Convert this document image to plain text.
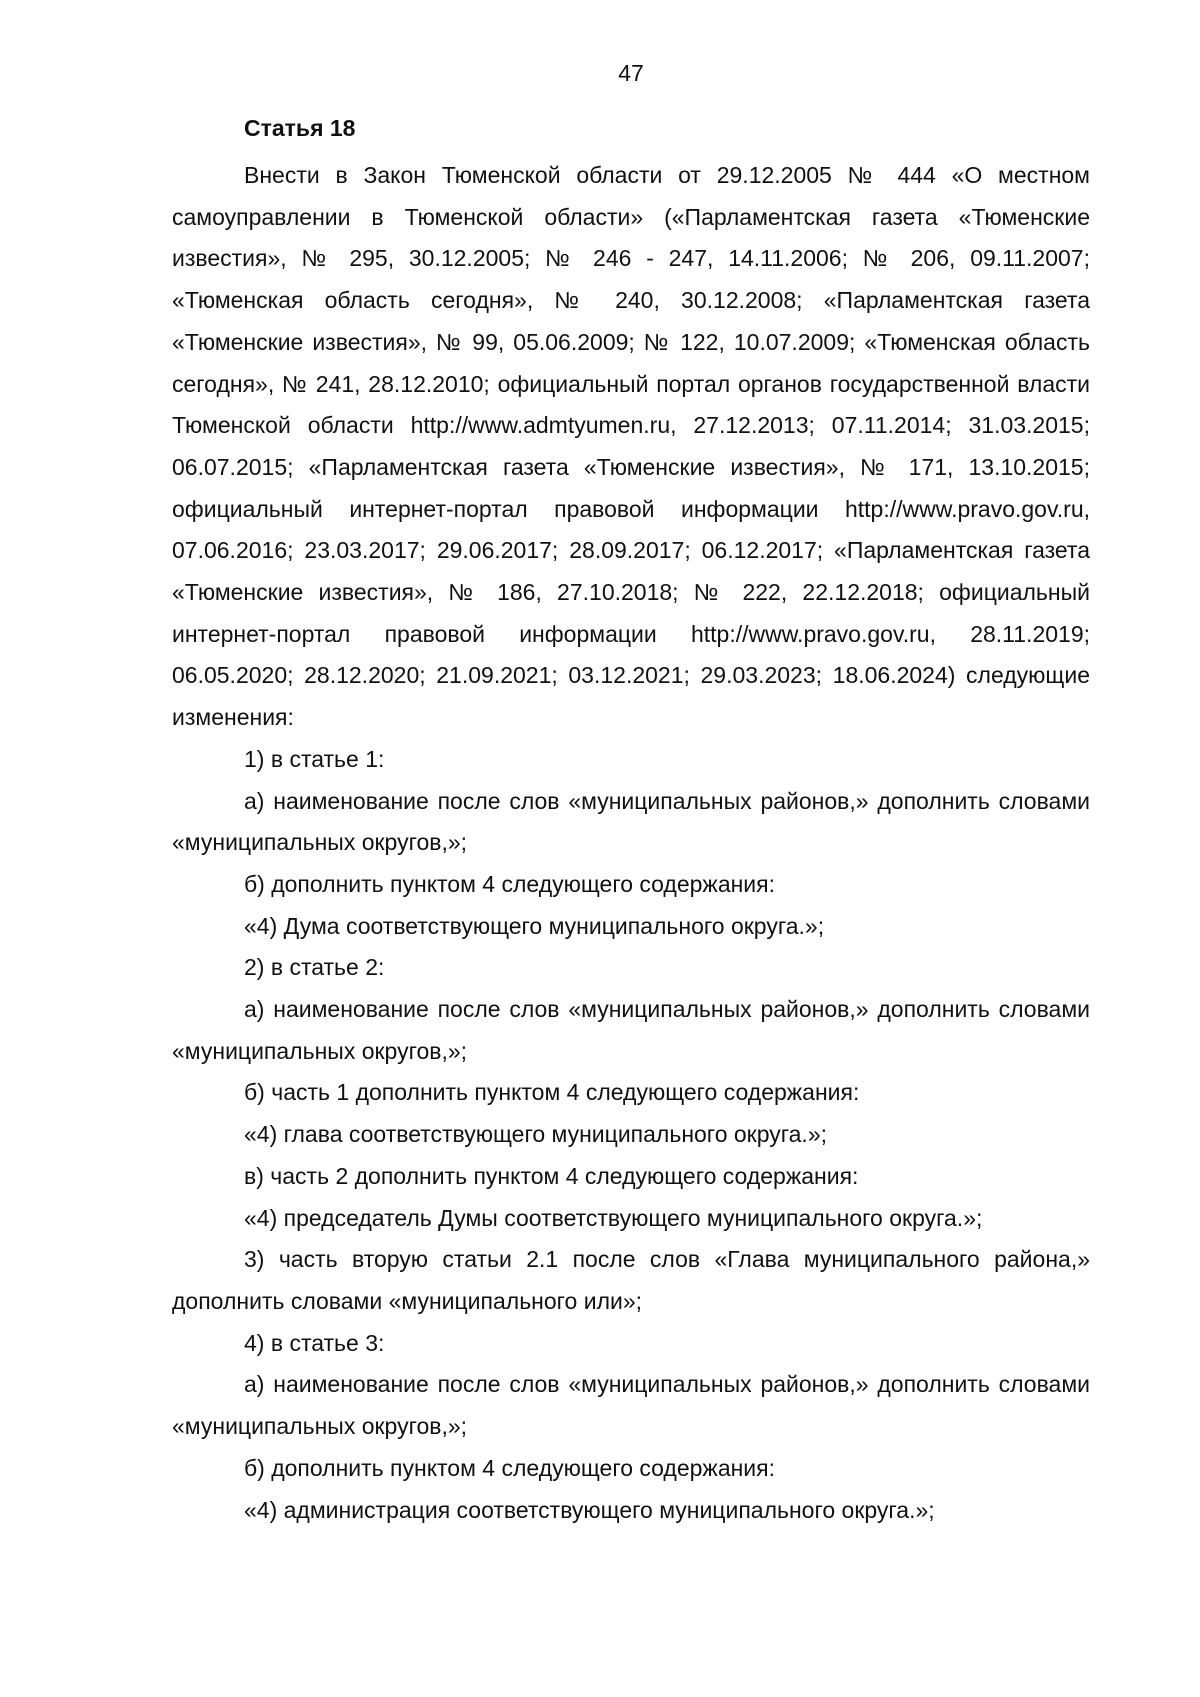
47
Статья 18

Внести в Закон Тюменской области от 29.12.2005 № 444 «О местном самоуправлении в Тюменской области» («Парламентская газета «Тюменские известия», № 295, 30.12.2005; № 246 - 247, 14.11.2006; № 206, 09.11.2007; «Тюменская область сегодня», № 240, 30.12.2008; «Парламентская газета «Тюменские известия», № 99, 05.06.2009; № 122, 10.07.2009; «Тюменская область сегодня», № 241, 28.12.2010; официальный портал органов государственной власти Тюменской области http://www.admtyumen.ru, 27.12.2013; 07.11.2014; 31.03.2015; 06.07.2015; «Парламентская газета «Тюменские известия», № 171, 13.10.2015; официальный интернет-портал правовой информации http://www.pravo.gov.ru, 07.06.2016; 23.03.2017; 29.06.2017; 28.09.2017; 06.12.2017; «Парламентская газета «Тюменские известия», № 186, 27.10.2018; № 222, 22.12.2018; официальный интернет-портал правовой информации http://www.pravo.gov.ru, 28.11.2019; 06.05.2020; 28.12.2020; 21.09.2021; 03.12.2021; 29.03.2023; 18.06.2024) следующие изменения:

1) в статье 1:

а) наименование после слов «муниципальных районов,» дополнить словами «муниципальных округов,»;

б) дополнить пунктом 4 следующего содержания:

«4) Дума соответствующего муниципального округа.»;

2) в статье 2:

а) наименование после слов «муниципальных районов,» дополнить словами «муниципальных округов,»;

б) часть 1 дополнить пунктом 4 следующего содержания:

«4) глава соответствующего муниципального округа.»;

в) часть 2 дополнить пунктом 4 следующего содержания:

«4) председатель Думы соответствующего муниципального округа.»;

3) часть вторую статьи 2.1 после слов «Глава муниципального района,» дополнить словами «муниципального или»;

4) в статье 3:

а) наименование после слов «муниципальных районов,» дополнить словами «муниципальных округов,»;

б) дополнить пунктом 4 следующего содержания:

«4) администрация соответствующего муниципального округа.»;
